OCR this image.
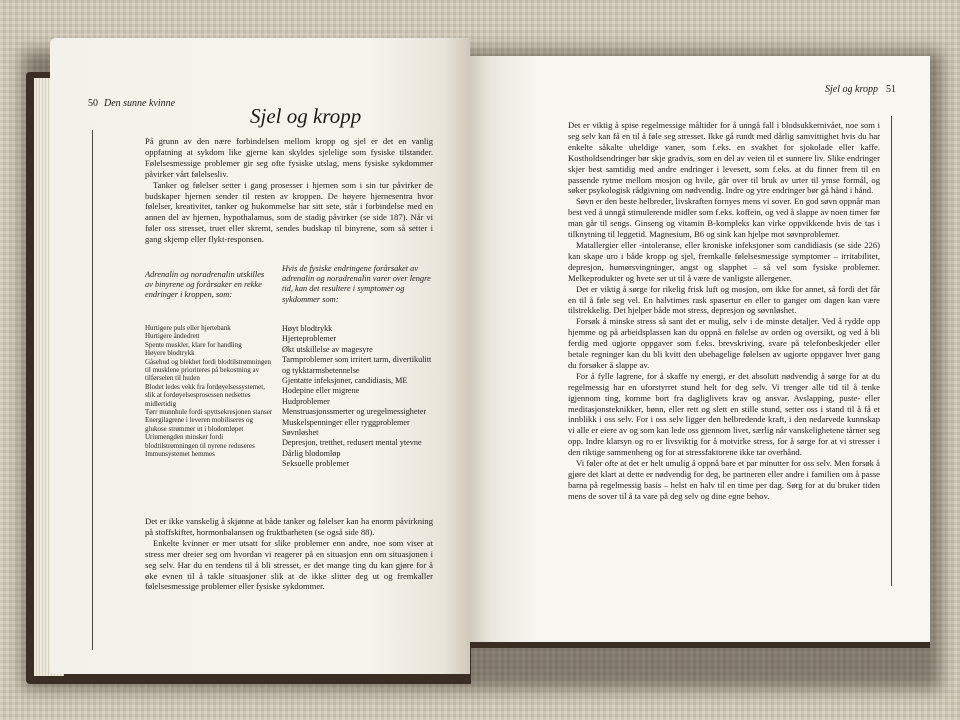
50 Den sunne kvinne
Sjel og kropp

På grunn av den nære forbindelsen mellom kropp og sjel er det en vanlig oppfatning at sykdom like gjerne kan skyldes sjelelige som fysiske tilstander. Følelsesmessige problemer gir seg ofte fysiske utslag, mens fysiske sykdommer påvirker vårt følelsesliv.

Tanker og følelser setter i gang prosesser i hjernen som i sin tur påvirker de budskaper hjernen sender til resten av kroppen. De høyere hjernesentra hvor følelser, kreativitet, tanker og hukommelse har sitt sete, står i forbindelse med en annen del av hjernen, hypothalamus, som de stadig påvirker (se side 187). Når vi føler oss stresset, truet eller skremt, sendes budskap til binyrene, som så setter i gang skjemp eller flykt-responsen.

Adrenalin og noradrenalin utskilles av binyrene og forårsaker en rekke endringer i kroppen, som:

Hvis de fysiske endringene forårsaket av adrenalin og noradrenalin varer over lengre tid, kan det resultere i symptomer og sykdommer som:

Hurtigere puls eller hjertebank
Hurtigere åndedrett
Spente muskler, klare for handling
Høyere blodtrykk
Gåsehud og blekhet fordi blodtilstrømningen til musklene prioriteres på bekostning av tilførselen til huden
Blodet ledes vekk fra fordøyelsessystemet, slik at fordøyelsesprosessen nedsettes midlertidig
Tørr munnhule fordi spyttsekresjonen stanser
Energilagrene i leveren mobiliseres og glukose strømmer ut i blodomløpet
Urinmengden minsker fordi blodtilstrømningen til nyrene reduseres
Immunsystemet hemmes
Høyt blodtrykk
Hjerteproblemer
Økt utskillelse av magesyre
Tarmproblemer som irritert tarm, divertikulitt og tykktarmsbetennelse
Gjentatte infeksjoner, candidiasis, ME
Hodepine eller migrene
Hudproblemer
Menstruasjonssmerter og uregelmessigheter
Muskelspenninger eller ryggproblemer
Søvnløshet
Depresjon, tretthet, redusert mental ytevne
Dårlig blodomløp
Seksuelle problemer

Det er ikke vanskelig å skjønne at både tanker og følelser kan ha enorm påvirkning på stoffskiftet, hormonbalansen og fruktbarheten (se også side 88).

Enkelte kvinner er mer utsatt for slike problemer enn andre, noe som viser at stress mer dreier seg om hvordan vi reagerer på en situasjon enn om situasjonen i seg selv. Har du en tendens til å bli stresset, er det mange ting du kan gjøre for å øke evnen til å takle situasjoner slik at de ikke slitter deg ut og fremkaller følelsesmessige problemer eller fysiske sykdommer.

Sjel og kropp 51

Det er viktig å spise regelmessige måltider for å unngå fall i blodsukkernivået, noe som i seg selv kan få en til å føle seg stresset. Ikke gå rundt med dårlig samvittighet hvis du har enkelte såkalte uheldige vaner, som f.eks. en svakhet for sjokolade eller kaffe. Kostholdsendringer bør skje gradvis, som en del av veien til et sunnere liv. Slike endringer skjer best samtidig med andre endringer i levesett, som f.eks. at du finner frem til en passende rytme mellom mosjon og hvile, går over til bruk av urter til ymse formål, og søker psykologisk rådgivning om nødvendig. Indre og ytre endringer bør gå hånd i hånd.

Søvn er den beste helbreder, livskraften fornyes mens vi sover. En god søvn oppnår man best ved å unngå stimulerende midler som f.eks. koffein, og ved å slappe av noen timer før man går til sengs. Ginseng og vitamin B-kompleks kan virke oppvikkende hvis de tas i tilknytning til leggetid. Magnesium, B6 og sink kan hjelpe mot søvnproblemer.

Matallergier eller -intoleranse, eller kroniske infeksjoner som candidiasis (se side 226) kan skape uro i både kropp og sjel, fremkalle følelsesmessige symptomer – irritabilitet, depresjon, humørsvingninger, angst og slapphet – så vel som fysiske problemer. Melkeprodukter og hvete ser ut til å være de vanligste allergener.

Det er viktig å sørge for rikelig frisk luft og mosjon, om ikke for annet, så fordi det får en til å føle seg vel. En halvtimes rask spasertur en eller to ganger om dagen kan være tilstrekkelig. Det hjelper både mot stress, depresjon og søvnløshet.

Forsøk å minske stress så sant det er mulig, selv i de minste detaljer. Ved å rydde opp hjemme og på arbeidsplassen kan du oppnå en følelse av orden og oversikt, og ved å bli ferdig med ugjorte oppgaver som f.eks. brevskriving, svare på telefonbeskjeder eller betale regninger kan du bli kvitt den ubehagelige følelsen av ugjorte oppgaver hver gang du forsøker å slappe av.

For å fylle lagrene, for å skaffe ny energi, er det absolutt nødvendig å sørge for at du regelmessig har en uforstyrret stund helt for deg selv. Vi trenger alle tid til å tenke igjennom ting, komme bort fra dagliglivets krav og ansvar. Avslapping, puste- eller meditasjonsteknikker, bønn, eller rett og slett en stille stund, setter oss i stand til å få et innblikk i oss selv. For i oss selv ligger den helbredende kraft, i den nedarvede kunnskap vi alle er eiere av og som kan lede oss gjennom livet, særlig når vanskelighetene tårner seg opp. Indre klarsyn og ro er livsviktig for å motvirke stress, for å sørge for at vi stresser i den riktige sammenheng og for at stressfaktorene ikke tar overhånd.

Vi føler ofte at det er helt umulig å oppnå bare et par minutter for oss selv. Men forsøk å gjøre det klart at dette er nødvendig for deg, be partneren eller andre i familien om å passe barna på regelmessig basis – helst en halv til en time per dag. Sørg for at du bruker tiden mens de sover til å ta vare på deg selv og dine egne behov.
